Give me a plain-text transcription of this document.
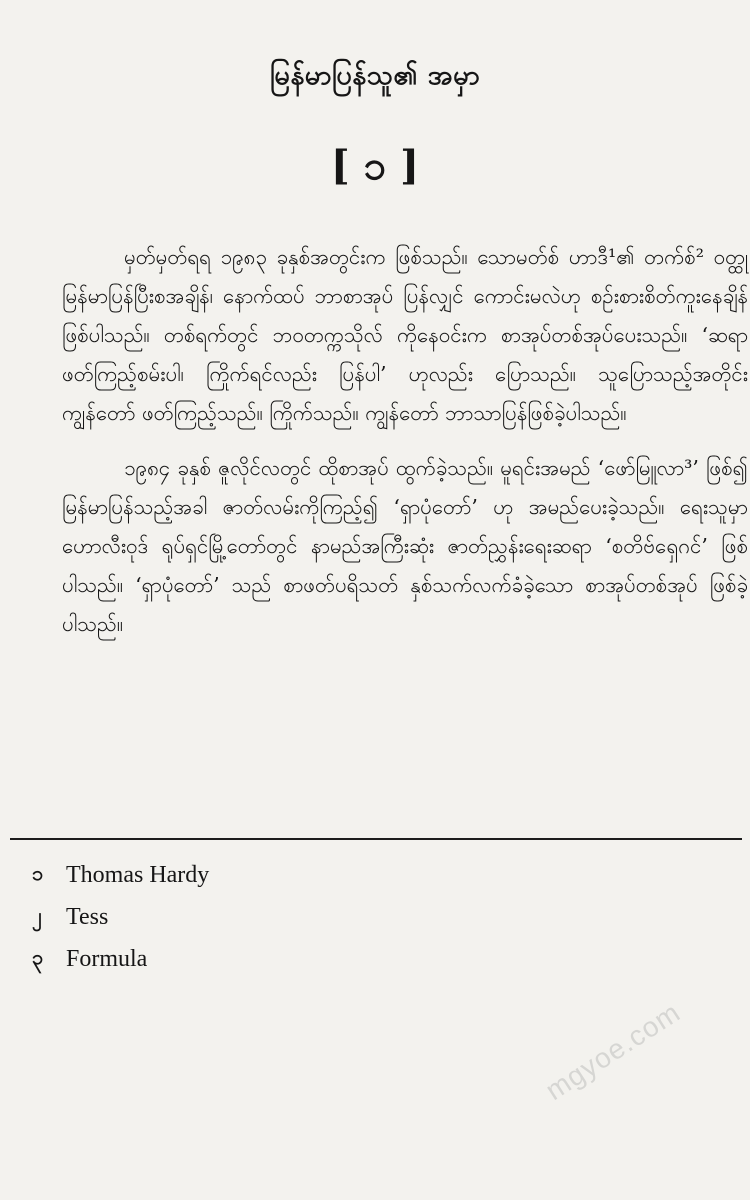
မြန်မာပြန်သူ၏ အမှာ
[ ၁ ]

မှတ်မှတ်ရရ ၁၉၈၃ ခုနှစ်အတွင်းက ဖြစ်သည်။ သောမတ်စ် ဟာဒီ¹၏ တက်စ်² ဝတ္ထု မြန်မာပြန်ပြီးစအချိန်၊ နောက်ထပ် ဘာစာအုပ် ပြန်လျှင် ကောင်းမလဲဟု စဉ်းစားစိတ်ကူးနေချိန် ဖြစ်ပါသည်။ တစ်ရက်တွင် ဘဝတက္ကသိုလ် ကိုနေဝင်းက စာအုပ်တစ်အုပ်ပေးသည်။ ‘ဆရာ ဖတ်ကြည့်စမ်းပါ၊ ကြိုက်ရင်လည်း ပြန်ပါ’ ဟုလည်း ပြောသည်။ သူပြောသည့်အတိုင်း ကျွန်တော် ဖတ်ကြည့်သည်။ ကြိုက်သည်။ ကျွန်တော် ဘာသာပြန်ဖြစ်ခဲ့ပါသည်။

၁၉၈၄ ခုနှစ် ဇူလိုင်လတွင် ထိုစာအုပ် ထွက်ခဲ့သည်။ မူရင်းအမည် ‘ဖော်မြူလာ³’ ဖြစ်၍ မြန်မာပြန်သည့်အခါ ဇာတ်လမ်းကိုကြည့်၍ ‘ရှာပုံတော်’ ဟု အမည်ပေးခဲ့သည်။ ရေးသူမှာ ဟောလီးဝုဒ် ရုပ်ရှင်မြို့တော်တွင် နာမည်အကြီးဆုံး ဇာတ်ညွှန်းရေးဆရာ ‘စတိဗ်ရှေဂင်’ ဖြစ်ပါသည်။ ‘ရှာပုံတော်’ သည် စာဖတ်ပရိသတ် နှစ်သက်လက်ခံခဲ့သော စာအုပ်တစ်အုပ် ဖြစ်ခဲ့ပါသည်။

၁ Thomas Hardy
၂	Tess
၃ Formula
mgyoe.com
